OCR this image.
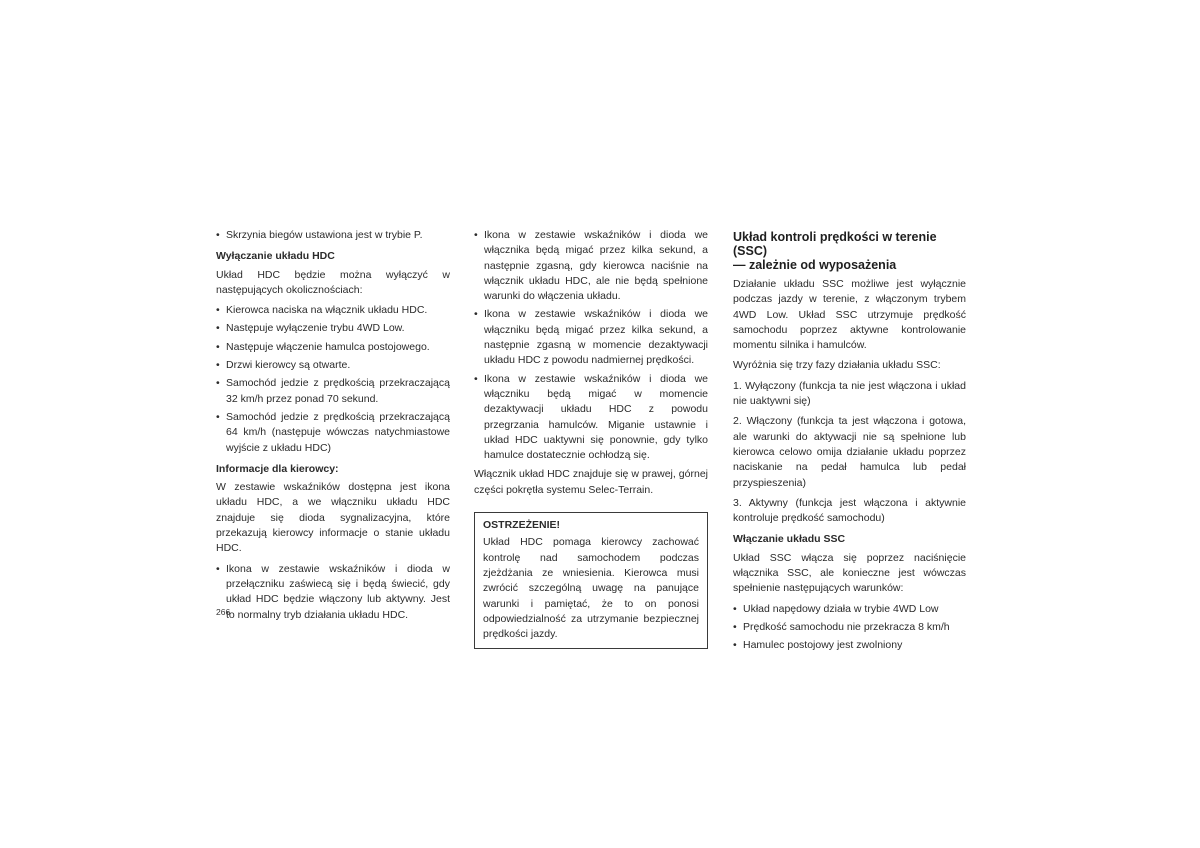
• Skrzynia biegów ustawiona jest w trybie P.
Wyłączanie układu HDC

Układ HDC będzie można wyłączyć w następujących okolicznościach:

• Kierowca naciska na włącznik układu HDC.
• Następuje wyłączenie trybu 4WD Low.
• Następuje włączenie hamulca postojowego.
• Drzwi kierowcy są otwarte.
• Samochód jedzie z prędkością przekraczającą 32 km/h przez ponad 70 sekund.
• Samochód jedzie z prędkością przekraczającą 64 km/h (następuje wówczas natychmiastowe wyjście z układu HDC)
Informacje dla kierowcy:

W zestawie wskaźników dostępna jest ikona układu HDC, a we włączniku układu HDC znajduje się dioda sygnalizacyjna, które przekazują kierowcy informacje o stanie układu HDC.

• Ikona w zestawie wskaźników i dioda w przełączniku zaświecą się i będą świecić, gdy układ HDC będzie włączony lub aktywny. Jest to normalny tryb działania układu HDC.
• Ikona w zestawie wskaźników i dioda we włącznika będą migać przez kilka sekund, a następnie zgasną, gdy kierowca naciśnie na włącznik układu HDC, ale nie będą spełnione warunki do włączenia układu.
• Ikona w zestawie wskaźników i dioda we włączniku będą migać przez kilka sekund, a następnie zgasną w momencie dezaktywacji układu HDC z powodu nadmiernej prędkości.
• Ikona w zestawie wskaźników i dioda we włączniku będą migać w momencie dezaktywacji układu HDC z powodu przegrzania hamulców. Miganie ustawnie i układ HDC uaktywni się ponownie, gdy tylko hamulce dostatecznie ochłodzą się.

Włącznik układ HDC znajduje się w prawej, górnej części pokrętła systemu Selec-Terrain.

OSTRZEŻENIE!

Układ HDC pomaga kierowcy zachować kontrolę nad samochodem podczas zjeżdżania ze wniesienia. Kierowca musi zwrócić szczególną uwagę na panujące warunki i pamiętać, że to on ponosi odpowiedzialność za utrzymanie bezpiecznej prędkości jazdy.

Układ kontroli prędkości w terenie (SSC)
— zależnie od wyposażenia

Działanie układu SSC możliwe jest wyłącznie podczas jazdy w terenie, z włączonym trybem 4WD Low. Układ SSC utrzymuje prędkość samochodu poprzez aktywne kontrolowanie momentu silnika i hamulców.

Wyróżnia się trzy fazy działania układu SSC:

1. Wyłączony (funkcja ta nie jest włączona i układ nie uaktywni się)

2. Włączony (funkcja ta jest włączona i gotowa, ale warunki do aktywacji nie są spełnione lub kierowca celowo omija działanie układu poprzez naciskanie na pedał hamulca lub pedał przyspieszenia)

3. Aktywny (funkcja jest włączona i aktywnie kontroluje prędkość samochodu)

Włączanie układu SSC

Układ SSC włącza się poprzez naciśnięcie włącznika SSC, ale konieczne jest wówczas spełnienie następujących warunków:

• Układ napędowy działa w trybie 4WD Low
• Prędkość samochodu nie przekracza 8 km/h
• Hamulec postojowy jest zwolniony
266
